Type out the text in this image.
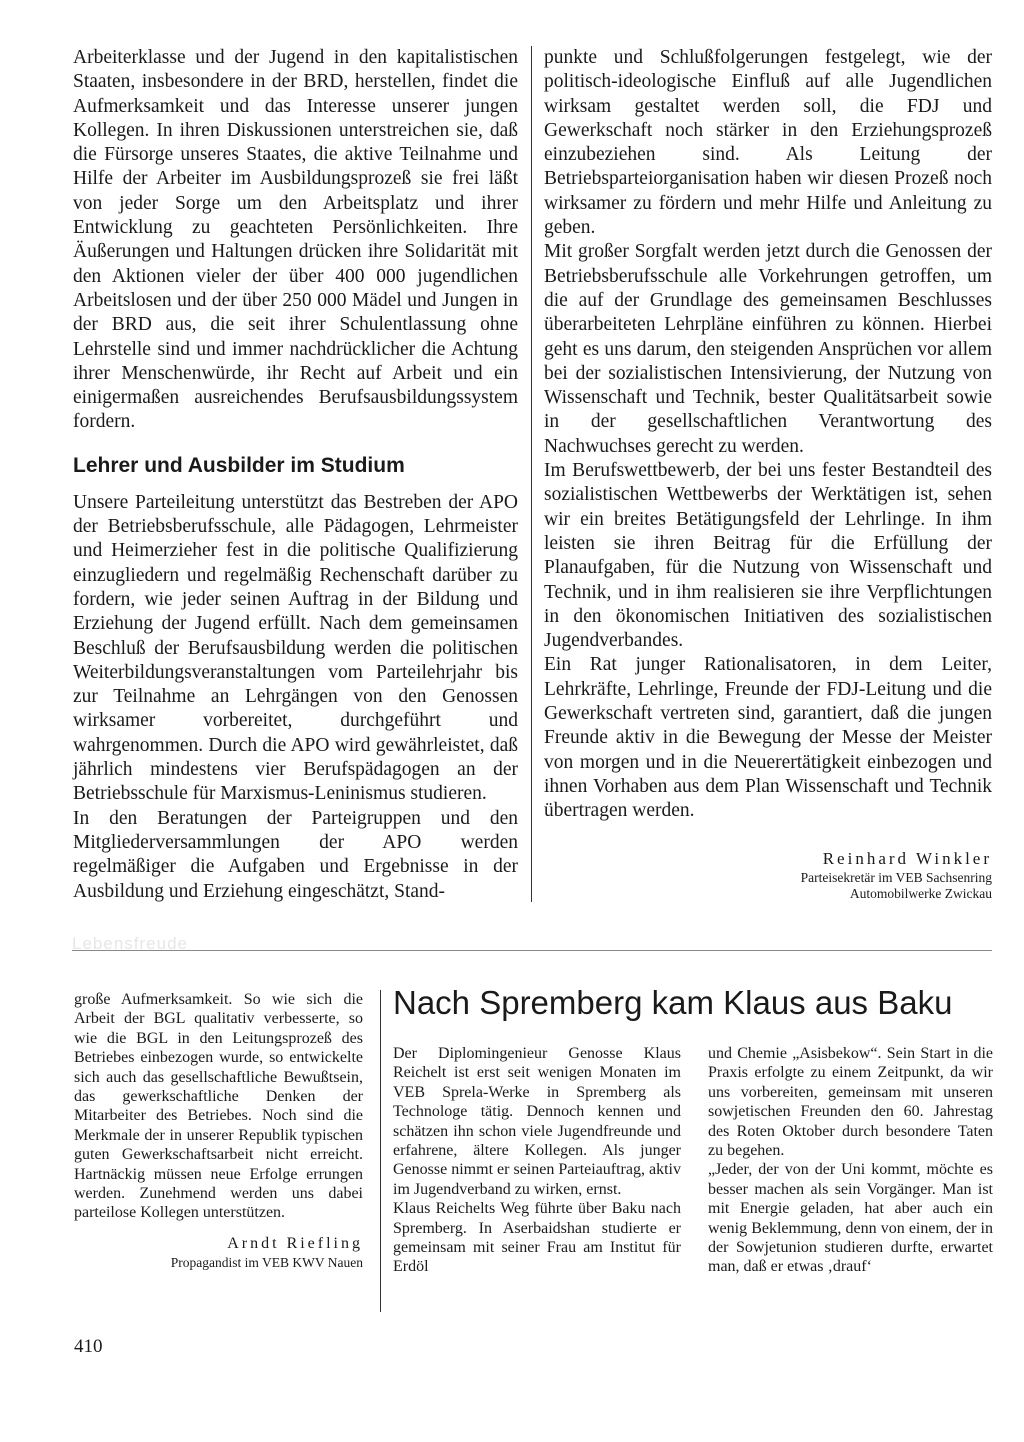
Arbeiterklasse und der Jugend in den kapitalistischen Staaten, insbesondere in der BRD, herstellen, findet die Aufmerksamkeit und das Interesse unserer jungen Kollegen. In ihren Diskussionen unterstreichen sie, daß die Fürsorge unseres Staates, die aktive Teilnahme und Hilfe der Arbeiter im Ausbildungsprozeß sie frei läßt von jeder Sorge um den Arbeitsplatz und ihrer Entwicklung zu geachteten Persönlichkeiten. Ihre Äußerungen und Haltungen drücken ihre Solidarität mit den Aktionen vieler der über 400 000 jugendlichen Arbeitslosen und der über 250 000 Mädel und Jungen in der BRD aus, die seit ihrer Schulentlassung ohne Lehrstelle sind und immer nachdrücklicher die Achtung ihrer Menschenwürde, ihr Recht auf Arbeit und ein einigermaßen ausreichendes Berufsausbildungssystem fordern.

Lehrer und Ausbilder im Studium

Unsere Parteileitung unterstützt das Bestreben der APO der Betriebsberufsschule, alle Pädagogen, Lehrmeister und Heimerzieher fest in die politische Qualifizierung einzugliedern und regelmäßig Rechenschaft darüber zu fordern, wie jeder seinen Auftrag in der Bildung und Erziehung der Jugend erfüllt. Nach dem gemeinsamen Beschluß der Berufsausbildung werden die politischen Weiterbildungsveranstaltungen vom Parteilehrjahr bis zur Teilnahme an Lehrgängen von den Genossen wirksamer vorbereitet, durchgeführt und wahrgenommen. Durch die APO wird gewährleistet, daß jährlich mindestens vier Berufspädagogen an der Betriebsschule für Marxismus-Leninismus studieren.

In den Beratungen der Parteigruppen und den Mitgliederversammlungen der APO werden regelmäßiger die Aufgaben und Ergebnisse in der Ausbildung und Erziehung eingeschätzt, Stand-

punkte und Schlußfolgerungen festgelegt, wie der politisch-ideologische Einfluß auf alle Jugendlichen wirksam gestaltet werden soll, die FDJ und Gewerkschaft noch stärker in den Erziehungsprozeß einzubeziehen sind. Als Leitung der Betriebsparteiorganisation haben wir diesen Prozeß noch wirksamer zu fördern und mehr Hilfe und Anleitung zu geben.

Mit großer Sorgfalt werden jetzt durch die Genossen der Betriebsberufsschule alle Vorkehrungen getroffen, um die auf der Grundlage des gemeinsamen Beschlusses überarbeiteten Lehrpläne einführen zu können. Hierbei geht es uns darum, den steigenden Ansprüchen vor allem bei der sozialistischen Intensivierung, der Nutzung von Wissenschaft und Technik, bester Qualitätsarbeit sowie in der gesellschaftlichen Verantwortung des Nachwuchses gerecht zu werden.

Im Berufswettbewerb, der bei uns fester Bestandteil des sozialistischen Wettbewerbs der Werktätigen ist, sehen wir ein breites Betätigungsfeld der Lehrlinge. In ihm leisten sie ihren Beitrag für die Erfüllung der Planaufgaben, für die Nutzung von Wissenschaft und Technik, und in ihm realisieren sie ihre Verpflichtungen in den ökonomischen Initiativen des sozialistischen Jugendverbandes.

Ein Rat junger Rationalisatoren, in dem Leiter, Lehrkräfte, Lehrlinge, Freunde der FDJ-Leitung und die Gewerkschaft vertreten sind, garantiert, daß die jungen Freunde aktiv in die Bewegung der Messe der Meister von morgen und in die Neuerertätigkeit einbezogen und ihnen Vorhaben aus dem Plan Wissenschaft und Technik übertragen werden.

Reinhard Winkler
Parteisekretär im VEB Sachsenring Automobilwerke Zwickau
Lebensfreude

große Aufmerksamkeit. So wie sich die Arbeit der BGL qualitativ verbesserte, so wie die BGL in den Leitungsprozeß des Betriebes einbezogen wurde, so entwickelte sich auch das gesellschaftliche Bewußtsein, das gewerkschaftliche Denken der Mitarbeiter des Betriebes. Noch sind die Merkmale der in unserer Republik typischen guten Gewerkschaftsarbeit nicht erreicht. Hartnäckig müssen neue Erfolge errungen werden. Zunehmend werden uns dabei parteilose Kollegen unterstützen.

Arndt Riefling
Propagandist im VEB KWV Nauen
Nach Spremberg kam Klaus aus Baku

Der Diplomingenieur Genosse Klaus Reichelt ist erst seit wenigen Monaten im VEB Sprela-Werke in Spremberg als Technologe tätig. Dennoch kennen und schätzen ihn schon viele Jugendfreunde und erfahrene, ältere Kollegen. Als junger Genosse nimmt er seinen Parteiauftrag, aktiv im Jugendverband zu wirken, ernst.

Klaus Reichelts Weg führte über Baku nach Spremberg. In Aserbaidshan studierte er gemeinsam mit seiner Frau am Institut für Erdöl

und Chemie „Asisbekow“. Sein Start in die Praxis erfolgte zu einem Zeitpunkt, da wir uns vorbereiten, gemeinsam mit unseren sowjetischen Freunden den 60. Jahrestag des Roten Oktober durch besondere Taten zu begehen.

„Jeder, der von der Uni kommt, möchte es besser machen als sein Vorgänger. Man ist mit Energie geladen, hat aber auch ein wenig Beklemmung, denn von einem, der in der Sowjetunion studieren durfte, erwartet man, daß er etwas ‚drauf‘

410
